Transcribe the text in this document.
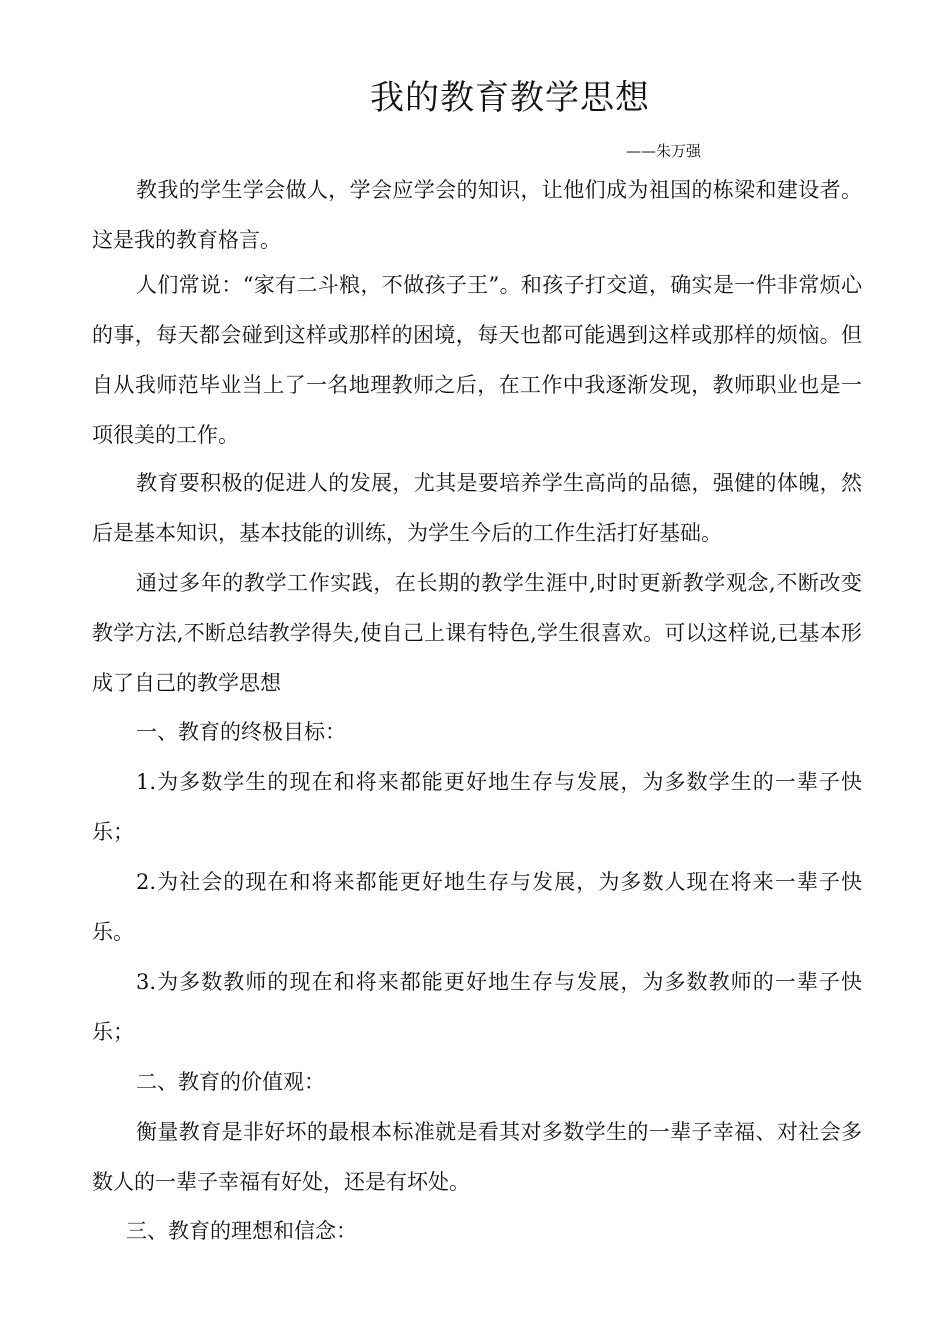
我的教育教学思想
——朱万强

教我的学生学会做人，学会应学会的知识，让他们成为祖国的栋梁和建设者。这是我的教育格言。

人们常说：“家有二斗粮，不做孩子王”。和孩子打交道，确实是一件非常烦心的事，每天都会碰到这样或那样的困境，每天也都可能遇到这样或那样的烦恼。但自从我师范毕业当上了一名地理教师之后，在工作中我逐渐发现，教师职业也是一项很美的工作。

教育要积极的促进人的发展，尤其是要培养学生高尚的品德，强健的体魄，然后是基本知识，基本技能的训练，为学生今后的工作生活打好基础。

通过多年的教学工作实践，在长期的教学生涯中,时时更新教学观念,不断改变教学方法,不断总结教学得失,使自己上课有特色,学生很喜欢。可以这样说,已基本形成了自己的教学思想

一、教育的终极目标：

1.为多数学生的现在和将来都能更好地生存与发展，为多数学生的一辈子快乐；

2.为社会的现在和将来都能更好地生存与发展，为多数人现在将来一辈子快乐。

3.为多数教师的现在和将来都能更好地生存与发展，为多数教师的一辈子快乐；

二、教育的价值观：

衡量教育是非好坏的最根本标准就是看其对多数学生的一辈子幸福、对社会多数人的一辈子幸福有好处，还是有坏处。

三、教育的理想和信念：
